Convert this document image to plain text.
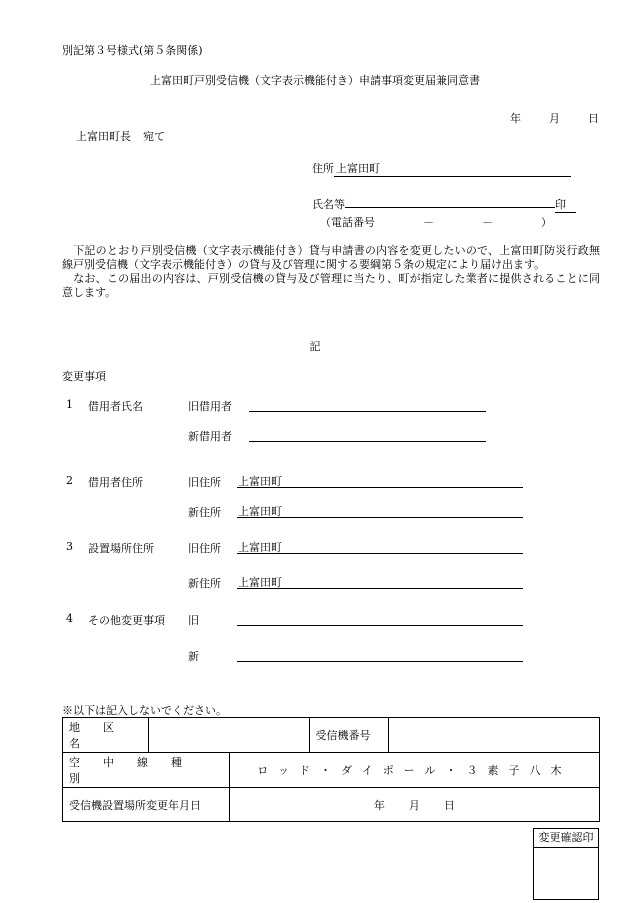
別記第３号様式(第５条関係)
上富田町戸別受信機（文字表示機能付き）申請事項変更届兼同意書
年	月	日
上富田町長 宛て
住所 上富田町
氏名等	印
（電話番号	－	－	）

　下記のとおり戸別受信機（文字表示機能付き）貸与申請書の内容を変更したいので、上富田町防災行政無線戸別受信機（文字表示機能付き）の貸与及び管理に関する要綱第５条の規定により届け出ます。

　なお、この届出の内容は、戸別受信機の貸与及び管理に当たり、町が指定した業者に提供されることに同意します。

記
変更事項
1 借用者氏名	旧借用者
新借用者
2 借用者住所	旧住所 上富田町
新住所 上富田町
3 設置場所住所	旧住所 上富田町
新住所 上富田町
4 その他変更事項 旧
新
※以下は記入しないでください。
地区名			受信機番号	
空中線種別		ロッド・ダイポール・３素子八木		
受信機設置場所変更年月日		年 月 日		
変更確認印
